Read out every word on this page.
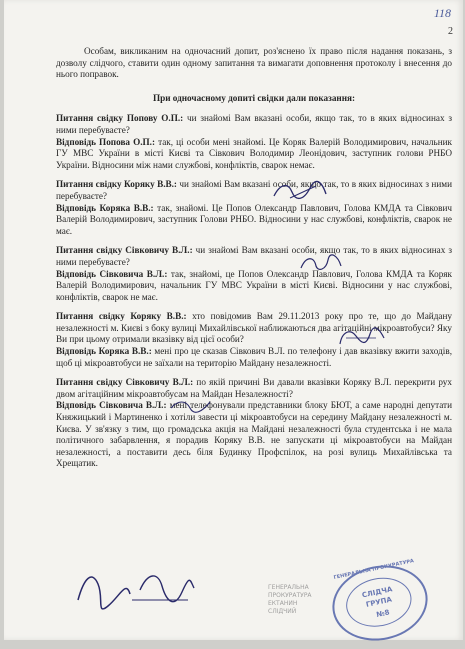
118
2

Особам, викликаним на одночасний допит, роз'яснено їх право після надання показань, з дозволу слідчого, ставити один одному запитання та вимагати доповнення протоколу і внесення до нього поправок.

При одночасному допиті свідки дали показання:

Питання свідку Попову О.П.: чи знайомі Вам вказані особи, якщо так, то в яких відносинах з ними перебуваєте?

Відповідь Попова О.П.: так, ці особи мені знайомі. Це Коряк Валерій Володимирович, начальник ГУ МВС України в місті Києві та Сівкович Володимир Леонідович, заступник голови РНБО України. Відносини між нами службові, конфліктів, сварок немає.

Питання свідку Коряку В.В.: чи знайомі Вам вказані особи, якщо так, то в яких відносинах з ними перебуваєте?

Відповідь Коряка В.В.: так, знайомі. Це Попов Олександр Павлович, Голова КМДА та Сівкович Валерій Володимирович, заступник Голови РНБО. Відносини у нас службові, конфліктів, сварок не має.

Питання свідку Сівковичу В.Л.: чи знайомі Вам вказані особи, якщо так, то в яких відносинах з ними перебуваєте?

Відповідь Сівковича В.Л.: так, знайомі, це Попов Олександр Павлович, Голова КМДА та Коряк Валерій Володимирович, начальник ГУ МВС України в місті Києві. Відносини у нас службові, конфліктів, сварок не має.

Питання свідку Коряку В.В.: хто повідомив Вам 29.11.2013 року про те, що до Майдану незалежності м. Києві з боку вулиці Михайлівської наближаються два агітаційні мікроавтобуси? Яку Ви при цьому отримали вказівку від цієї особи?

Відповідь Коряка В.В.: мені про це сказав Сівкович В.Л. по телефону і дав вказівку вжити заходів, щоб ці мікроавтобуси не заїхали на територію Майдану незалежності.

Питання свідку Сівковичу В.Л.: по якій причині Ви давали вказівки Коряку В.Л. перекрити рух двом агітаційним мікроавтобусам на Майдан Незалежності?

Відповідь Сівковича В.Л.: мені телефонували представники блоку БЮТ, а саме народні депутати Княжицький і Мартиненко і хотіли завести ці мікроавтобуси на середину Майдану незалежності м. Києва. У зв'язку з тим, що громадська акція на Майдані незалежності була студентська і не мала політичного забарвлення, я порадив Коряку В.В. не запускати ці мікроавтобуси на Майдан незалежності, а поставити десь біля Будинку Профспілок, на розі вулиць Михайлівська та Хрещатик.

ГЕНЕРАЛЬНА
ПРОКУРАТУРА
ЕКТАНИН
СЛІДЧИЙ
ГЕНЕРАЛЬНА ПРОКУРАТУРА
СЛІДЧА
ГРУПА
№8
